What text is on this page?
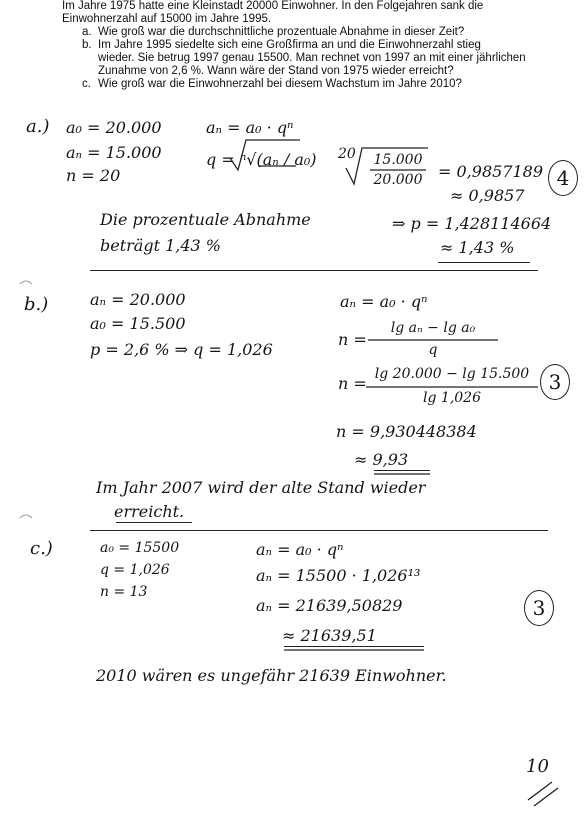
Im Jahre 1975 hatte eine Kleinstadt 20000 Einwohner. In den Folgejahren sank die

Einwohnerzahl auf 15000 im Jahre 1995.

a. Wie groß war die durchschnittliche prozentuale Abnahme in dieser Zeit?

b. Im Jahre 1995 siedelte sich eine Großfirma an und die Einwohnerzahl stieg

wieder. Sie betrug 1997 genau 15500. Man rechnet von 1997 an mit einer jährlichen

Zunahme von 2,6 %. Wann wäre der Stand von 1975 wieder erreicht?

c. Wie groß war die Einwohnerzahl bei diesem Wachstum im Jahre 2010?

a.) a₀ = 20.000
aₙ = 15.000
n = 20
aₙ = a₀ · qⁿ
q = ⁿ√(aₙ / a₀) 20	15.000
20.000 = 0,9857189
≈ 0,9857
4
Die prozentuale Abnahme
beträgt 1,43 %
⇒ p = 1,428114664
≈ 1,43 %
b.)	aₙ = 20.000
a₀ = 15.500
p = 2,6 % ⇒ q = 1,026
aₙ = a₀ · qⁿ
n =
lg aₙ − lg a₀
q
n = lg 20.000 − lg 15.500
lg 1,026
3
n = 9,930448384
≈ 9,93
Im Jahr 2007 wird der alte Stand wieder
erreicht.
c.)	a₀ = 15500
q = 1,026
n = 13
aₙ = a₀ · qⁿ
aₙ = 15500 · 1,026¹³
aₙ = 21639,50829
≈ 21639,51
3
2010 wären es ungefähr 21639 Einwohner.
10
